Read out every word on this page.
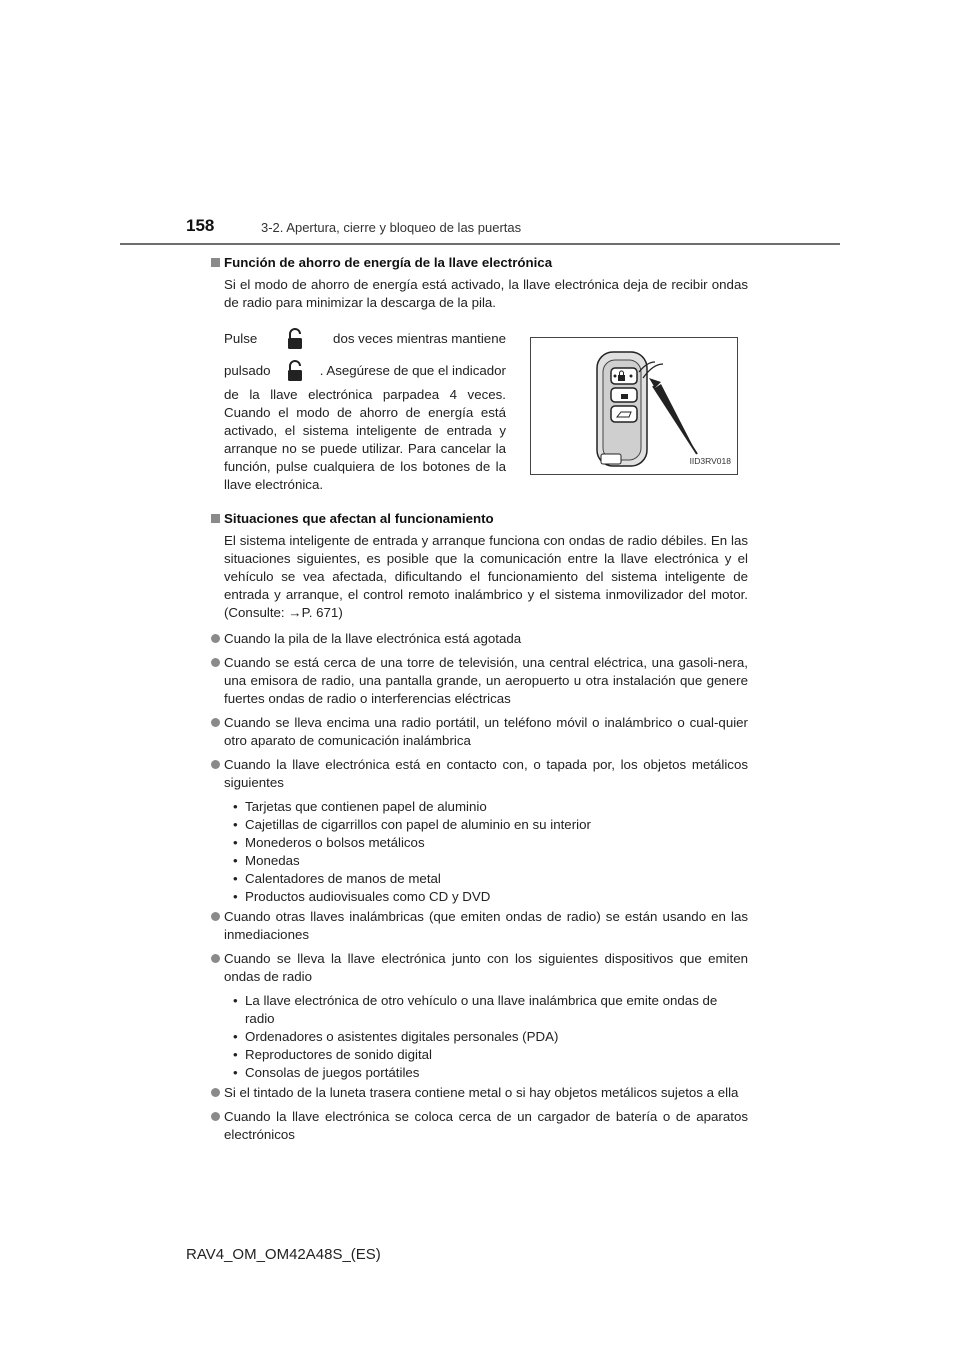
158	3-2. Apertura, cierre y bloqueo de las puertas
Función de ahorro de energía de la llave electrónica
Si el modo de ahorro de energía está activado, la llave electrónica deja de recibir ondas de radio para minimizar la descarga de la pila.
Pulse	dos veces mientras mantiene
pulsado	. Asegúrese de que el indicador
de la llave electrónica parpadea 4 veces. Cuando el modo de ahorro de energía está activado, el sistema inteligente de entrada y arranque no se puede utilizar. Para cancelar la función, pulse cualquiera de los botones de la llave electrónica.
IID3RV018
Situaciones que afectan al funcionamiento
El sistema inteligente de entrada y arranque funciona con ondas de radio débiles. En las situaciones siguientes, es posible que la comunicación entre la llave electrónica y el vehículo se vea afectada, dificultando el funcionamiento del sistema inteligente de entrada y arranque, el control remoto inalámbrico y el sistema inmovilizador del motor. (Consulte: →P. 671)
Cuando la pila de la llave electrónica está agotada
Cuando se está cerca de una torre de televisión, una central eléctrica, una gasoli-nera, una emisora de radio, una pantalla grande, un aeropuerto u otra instalación que genere fuertes ondas de radio o interferencias eléctricas
Cuando se lleva encima una radio portátil, un teléfono móvil o inalámbrico o cual-quier otro aparato de comunicación inalámbrica
Cuando la llave electrónica está en contacto con, o tapada por, los objetos metálicos siguientes
• Tarjetas que contienen papel de aluminio
• Cajetillas de cigarrillos con papel de aluminio en su interior
• Monederos o bolsos metálicos
• Monedas
• Calentadores de manos de metal
• Productos audiovisuales como CD y DVD
Cuando otras llaves inalámbricas (que emiten ondas de radio) se están usando en las inmediaciones
Cuando se lleva la llave electrónica junto con los siguientes dispositivos que emiten ondas de radio
• La llave electrónica de otro vehículo o una llave inalámbrica que emite ondas de radio
• Ordenadores o asistentes digitales personales (PDA)
• Reproductores de sonido digital
• Consolas de juegos portátiles
Si el tintado de la luneta trasera contiene metal o si hay objetos metálicos sujetos a ella
Cuando la llave electrónica se coloca cerca de un cargador de batería o de aparatos electrónicos
RAV4_OM_OM42A48S_(ES)
